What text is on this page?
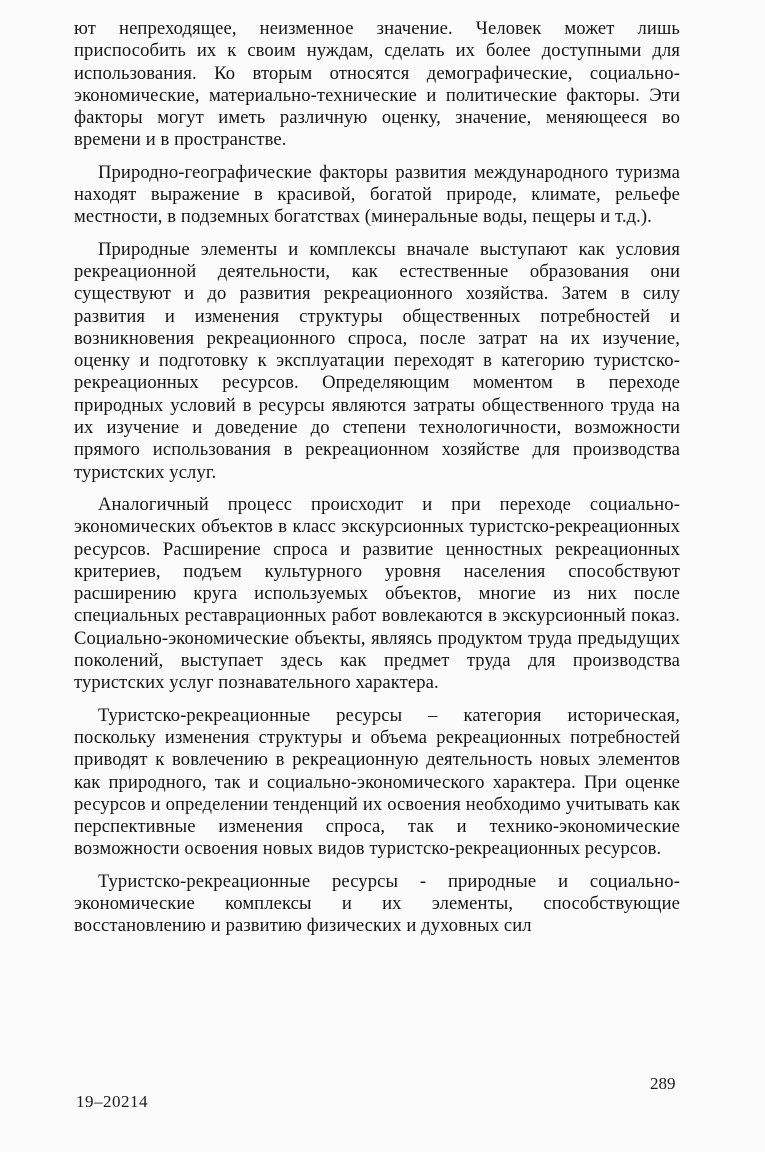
ют непреходящее, неизменное значение. Человек может лишь приспособить их к своим нуждам, сделать их более доступными для использования. Ко вторым относятся демографические, социально-экономические, материально-технические и политические факторы. Эти факторы могут иметь различную оценку, значение, меняющееся во времени и в пространстве.

Природно-географические факторы развития международного туризма находят выражение в красивой, богатой природе, климате, рельефе местности, в подземных богатствах (минеральные воды, пещеры и т.д.).

Природные элементы и комплексы вначале выступают как условия рекреационной деятельности, как естественные образования они существуют и до развития рекреационного хозяйства. Затем в силу развития и изменения структуры общественных потребностей и возникновения рекреационного спроса, после затрат на их изучение, оценку и подготовку к эксплуатации переходят в категорию туристско-рекреационных ресурсов. Определяющим моментом в переходе природных условий в ресурсы являются затраты общественного труда на их изучение и доведение до степени технологичности, возможности прямого использования в рекреационном хозяйстве для производства туристских услуг.

Аналогичный процесс происходит и при переходе социально-экономических объектов в класс экскурсионных туристско-рекреационных ресурсов. Расширение спроса и развитие ценностных рекреационных критериев, подъем культурного уровня населения способствуют расширению круга используемых объектов, многие из них после специальных реставрационных работ вовлекаются в экскурсионный показ. Социально-экономические объекты, являясь продуктом труда предыдущих поколений, выступает здесь как предмет труда для производства туристских услуг познавательного характера.

Туристско-рекреационные ресурсы – категория историческая, поскольку изменения структуры и объема рекреационных потребностей приводят к вовлечению в рекреационную деятельность новых элементов как природного, так и социально-экономического характера. При оценке ресурсов и определении тенденций их освоения необходимо учитывать как перспективные изменения спроса, так и технико-экономические возможности освоения новых видов туристско-рекреационных ресурсов.

Туристско-рекреационные ресурсы - природные и социально-экономические комплексы и их элементы, способствующие восстановлению и развитию физических и духовных сил

289
19–20214
